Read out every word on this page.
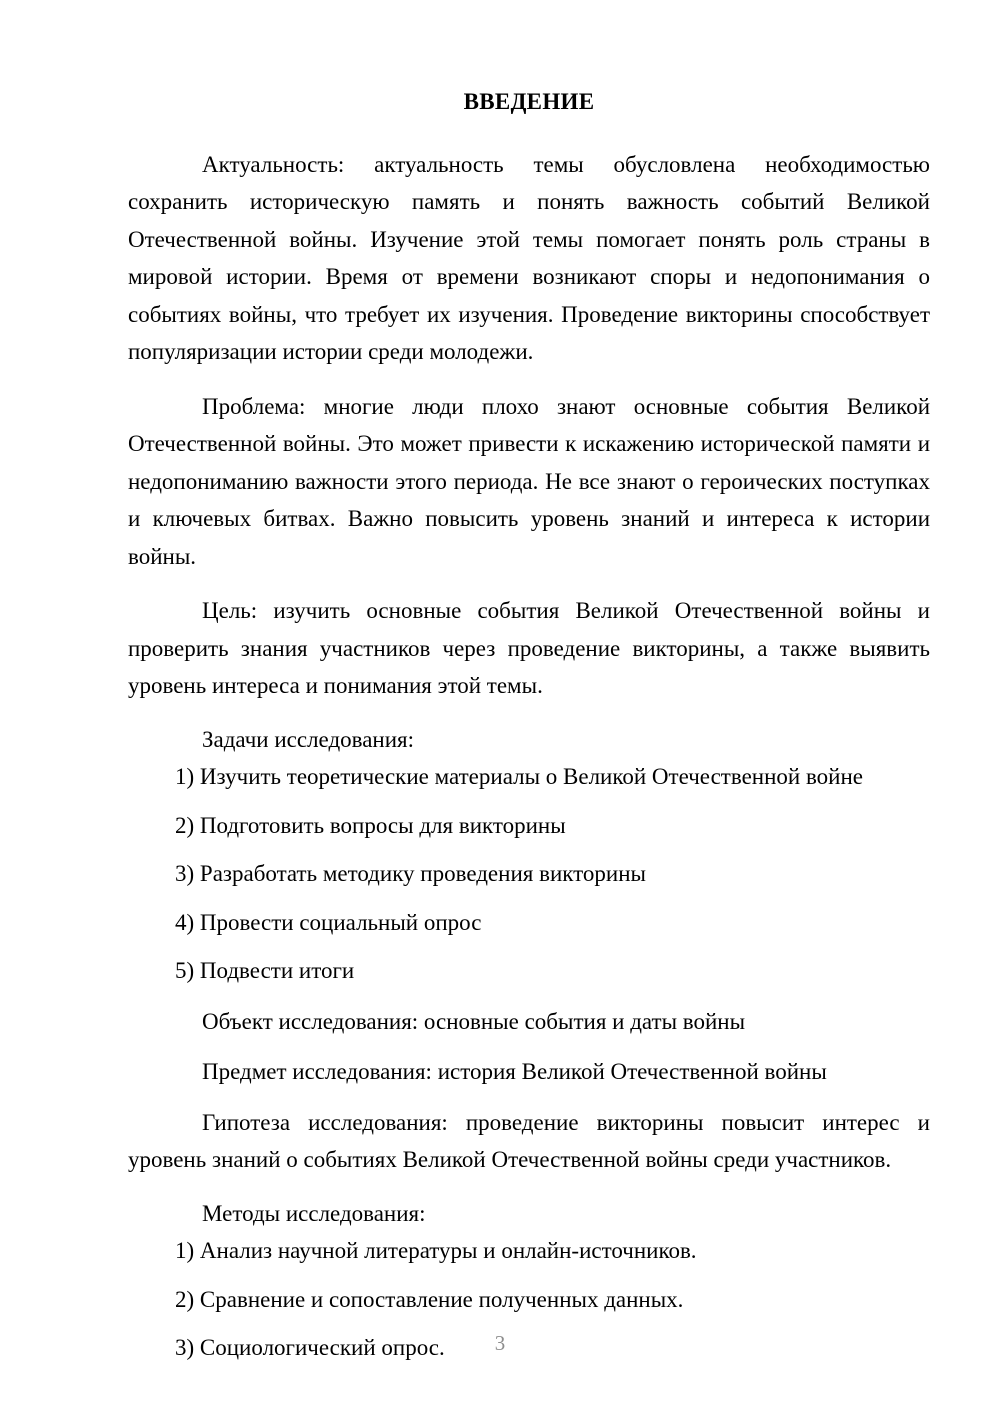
ВВЕДЕНИЕ

Актуальность: актуальность темы обусловлена необходимостью сохранить историческую память и понять важность событий Великой Отечественной войны. Изучение этой темы помогает понять роль страны в мировой истории. Время от времени возникают споры и недопонимания о событиях войны, что требует их изучения. Проведение викторины способствует популяризации истории среди молодежи.

Проблема: многие люди плохо знают основные события Великой Отечественной войны. Это может привести к искажению исторической памяти и недопониманию важности этого периода. Не все знают о героических поступках и ключевых битвах. Важно повысить уровень знаний и интереса к истории войны.

Цель: изучить основные события Великой Отечественной войны и проверить знания участников через проведение викторины, а также выявить уровень интереса и понимания этой темы.

Задачи исследования:

1) Изучить теоретические материалы о Великой Отечественной войне
2) Подготовить вопросы для викторины
3) Разработать методику проведения викторины
4) Провести социальный опрос
5) Подвести итоги

Объект исследования: основные события и даты войны

Предмет исследования: история Великой Отечественной войны

Гипотеза исследования: проведение викторины повысит интерес и уровень знаний о событиях Великой Отечественной войны среди участников.

Методы исследования:

1) Анализ научной литературы и онлайн-источников.
2) Сравнение и сопоставление полученных данных.
3) Социологический опрос.	3
